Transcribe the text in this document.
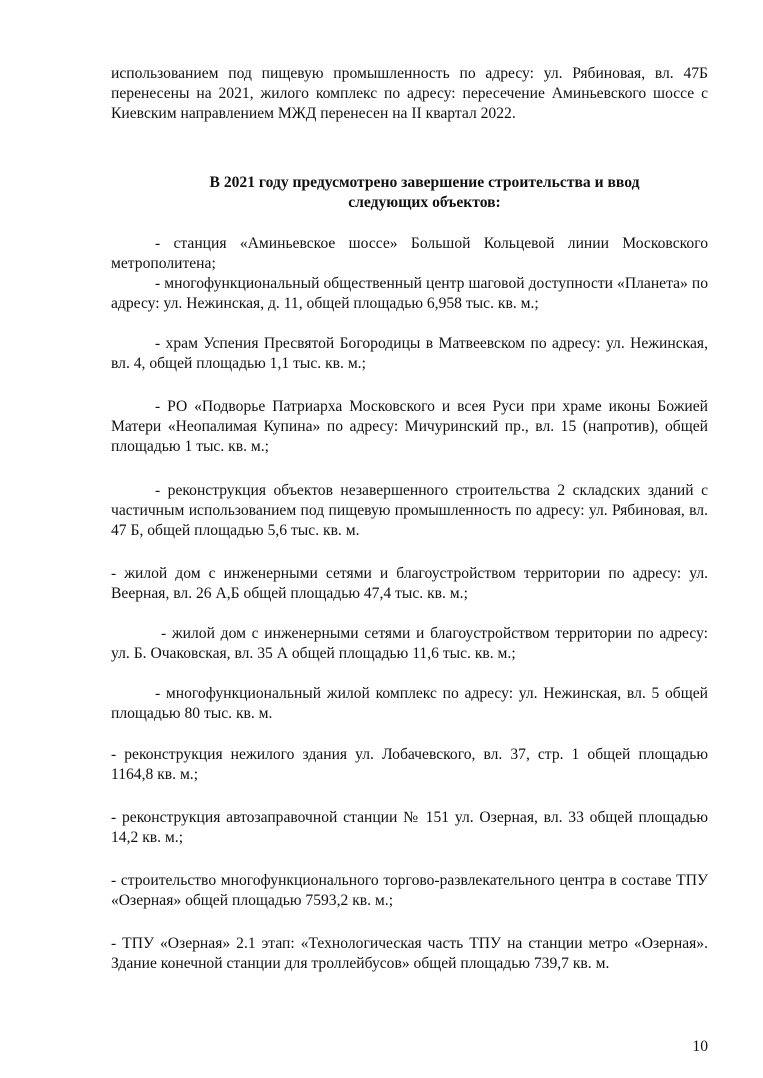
использованием под пищевую промышленность по адресу: ул. Рябиновая, вл. 47Б перенесены на 2021, жилого комплекс по адресу: пересечение Аминьевского шоссе с Киевским направлением МЖД перенесен на II квартал 2022.

В 2021 году предусмотрено завершение строительства и ввод следующих объектов:

- станция «Аминьевское шоссе» Большой Кольцевой линии Московского метрополитена;

- многофункциональный общественный центр шаговой доступности «Планета» по адресу: ул. Нежинская, д. 11, общей площадью 6,958 тыс. кв. м.;

- храм Успения Пресвятой Богородицы в Матвеевском по адресу: ул. Нежинская, вл. 4, общей площадью 1,1 тыс. кв. м.;

- РО «Подворье Патриарха Московского и всея Руси при храме иконы Божией Матери «Неопалимая Купина» по адресу: Мичуринский пр., вл. 15 (напротив), общей площадью 1 тыс. кв. м.;

- реконструкция объектов незавершенного строительства 2 складских зданий с частичным использованием под пищевую промышленность по адресу: ул. Рябиновая, вл. 47 Б, общей площадью 5,6 тыс. кв. м.

- жилой дом с инженерными сетями и благоустройством территории по адресу: ул. Веерная, вл. 26 А,Б общей площадью 47,4 тыс. кв. м.;

- жилой дом с инженерными сетями и благоустройством территории по адресу: ул. Б. Очаковская, вл. 35 А общей площадью 11,6 тыс. кв. м.;

- многофункциональный жилой комплекс по адресу: ул. Нежинская, вл. 5 общей площадью 80 тыс. кв. м.

- реконструкция нежилого здания ул. Лобачевского, вл. 37, стр. 1 общей площадью 1164,8 кв. м.;

- реконструкция автозаправочной станции № 151 ул. Озерная, вл. 33 общей площадью 14,2 кв. м.;

- строительство многофункционального торгово-развлекательного центра в составе ТПУ «Озерная» общей площадью 7593,2 кв. м.;

- ТПУ «Озерная» 2.1 этап: «Технологическая часть ТПУ на станции метро «Озерная». Здание конечной станции для троллейбусов» общей площадью 739,7 кв. м.

10
